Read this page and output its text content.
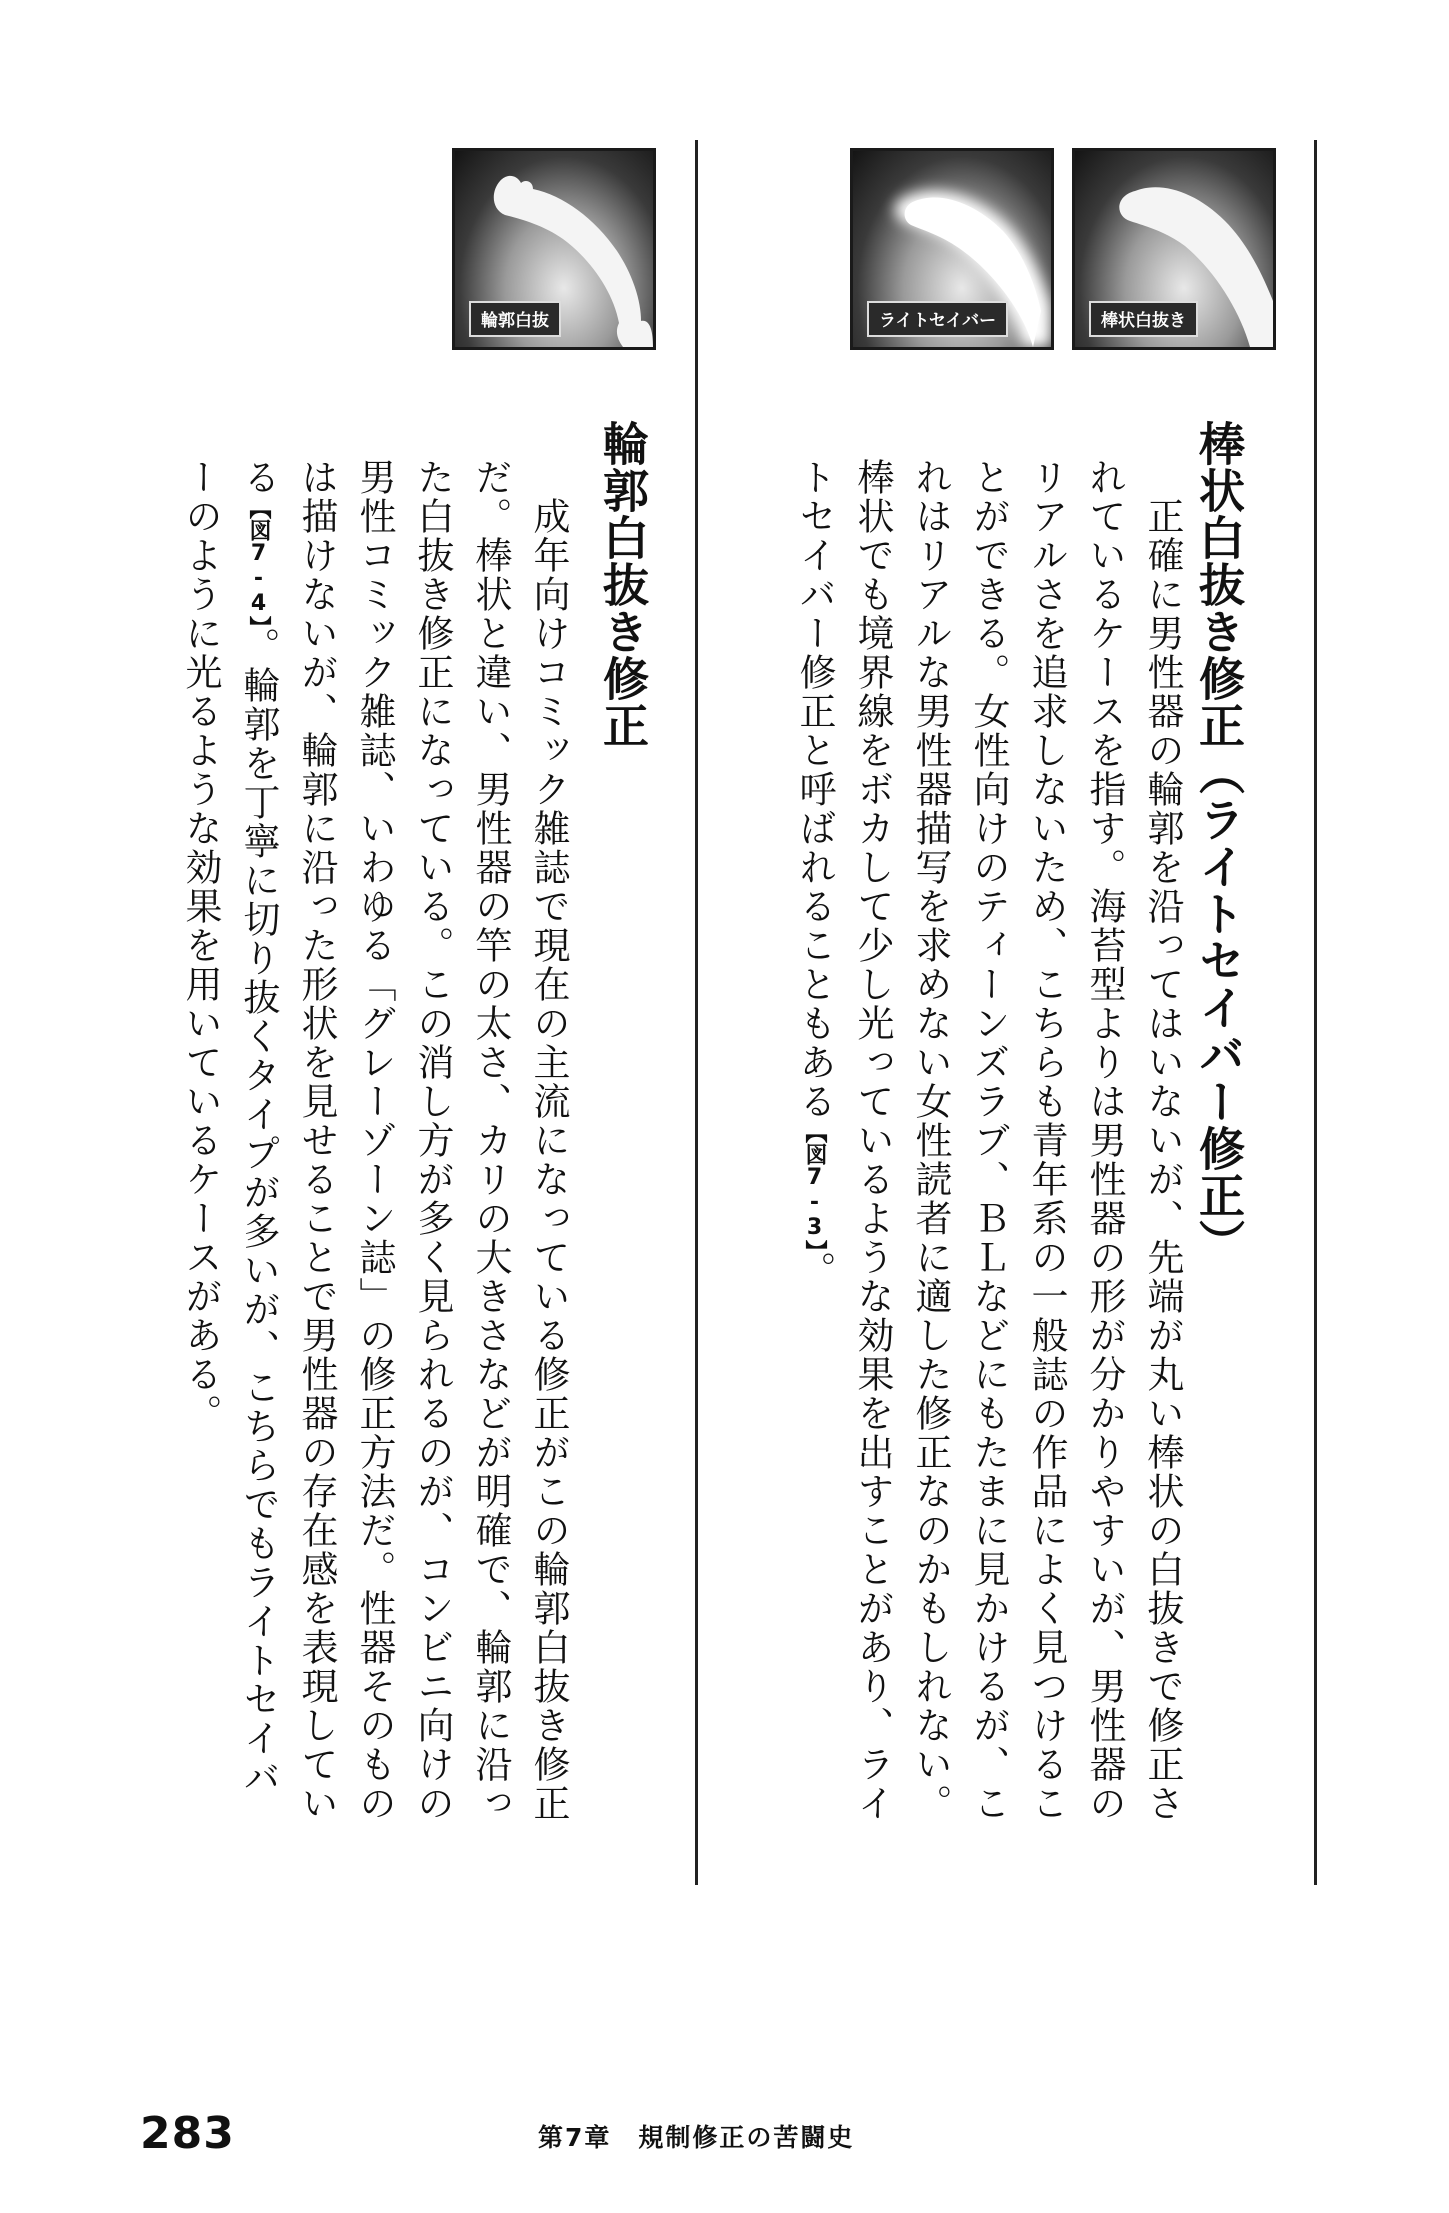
棒状白抜き
ライトセイバー
輪郭白抜
棒状白抜き修正（ライトセイバー修正）
　正確に男性器の輪郭を沿ってはいないが、先端が丸い棒状の白抜きで修正さ
れているケースを指す。海苔型よりは男性器の形が分かりやすいが、男性器の
リアルさを追求しないため、こちらも青年系の一般誌の作品によく見つけるこ
とができる。女性向けのティーンズラブ、ＢＬなどにもたまに見かけるが、こ
れはリアルな男性器描写を求めない女性読者に適した修正なのかもしれない。
棒状でも境界線をボカして少し光っているような効果を出すことがあり、ライ
トセイバー修正と呼ばれることもある【図7-3】。
輪郭白抜き修正
　成年向けコミック雑誌で現在の主流になっている修正がこの輪郭白抜き修正
だ。棒状と違い、男性器の竿の太さ、カリの大きさなどが明確で、輪郭に沿っ
た白抜き修正になっている。この消し方が多く見られるのが、コンビニ向けの
男性コミック雑誌、いわゆる「グレーゾーン誌」の修正方法だ。性器そのもの
は描けないが、輪郭に沿った形状を見せることで男性器の存在感を表現してい
る【図7-4】。輪郭を丁寧に切り抜くタイプが多いが、こちらでもライトセイバ
ーのように光るような効果を用いているケースがある。
283	第7章　規制修正の苦闘史
